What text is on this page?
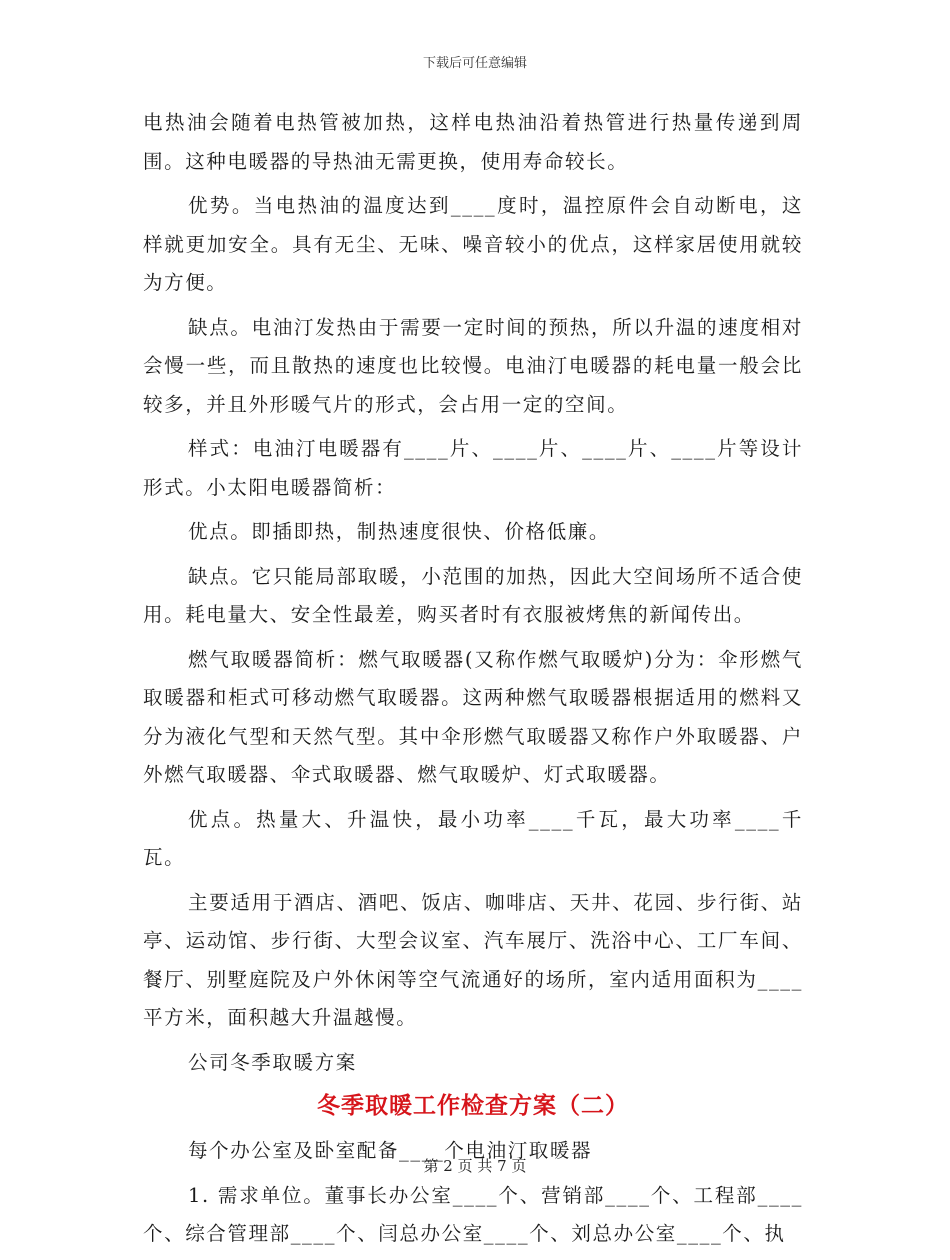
下载后可任意编辑

电热油会随着电热管被加热，这样电热油沿着热管进行热量传递到周围。这种电暖器的导热油无需更换，使用寿命较长。

优势。当电热油的温度达到____度时，温控原件会自动断电，这样就更加安全。具有无尘、无味、噪音较小的优点，这样家居使用就较为方便。

缺点。电油汀发热由于需要一定时间的预热，所以升温的速度相对会慢一些，而且散热的速度也比较慢。电油汀电暖器的耗电量一般会比较多，并且外形暖气片的形式，会占用一定的空间。

样式：电油汀电暖器有____片、____片、____片、____片等设计形式。小太阳电暖器简析：

优点。即插即热，制热速度很快、价格低廉。

缺点。它只能局部取暖，小范围的加热，因此大空间场所不适合使用。耗电量大、安全性最差，购买者时有衣服被烤焦的新闻传出。

燃气取暖器简析：燃气取暖器(又称作燃气取暖炉)分为：伞形燃气取暖器和柜式可移动燃气取暖器。这两种燃气取暖器根据适用的燃料又分为液化气型和天然气型。其中伞形燃气取暖器又称作户外取暖器、户外燃气取暖器、伞式取暖器、燃气取暖炉、灯式取暖器。

优点。热量大、升温快，最小功率____千瓦，最大功率____千瓦。

主要适用于酒店、酒吧、饭店、咖啡店、天井、花园、步行街、站亭、运动馆、步行街、大型会议室、汽车展厅、洗浴中心、工厂车间、餐厅、别墅庭院及户外休闲等空气流通好的场所，室内适用面积为____平方米，面积越大升温越慢。

公司冬季取暖方案

冬季取暖工作检查方案（二）

每个办公室及卧室配备____个电油汀取暖器

1. 需求单位。董事长办公室____个、营销部____个、工程部____个、综合管理部____个、闫总办公室____个、刘总办公室____个、执

第 2 页 共 7 页
